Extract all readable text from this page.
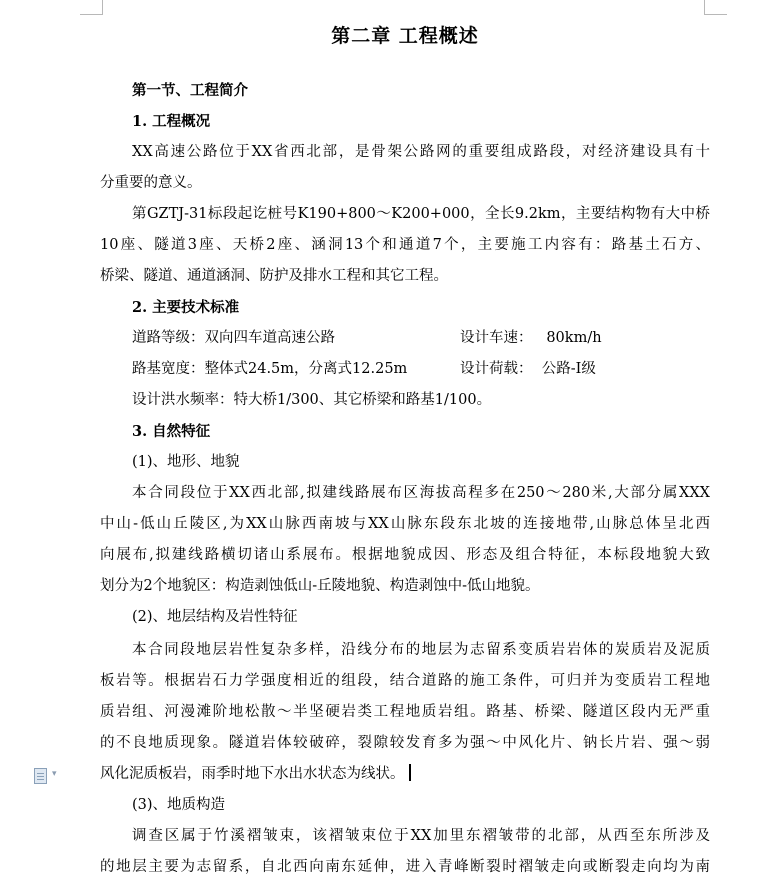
第二章 工程概述
第一节、工程简介
1. 工程概况
XX高速公路位于XX省西北部，是骨架公路网的重要组成路段，对经济建设具有十
分重要的意义。
第GZTJ-31标段起讫桩号K190+800～K200+000，全长9.2km，主要结构物有大中桥
10座、隧道3座、天桥2座、涵洞13个和通道7个，主要施工内容有：路基土石方、
桥梁、隧道、通道涵洞、防护及排水工程和其它工程。
2. 主要技术标准
道路等级：双向四车道高速公路	设计车速：   80km/h
路基宽度：整体式24.5m，分离式12.25m	设计荷载：  公路-Ⅰ级
设计洪水频率：特大桥1/300、其它桥梁和路基1/100。
3. 自然特征
(1)、地形、地貌
本合同段位于XX西北部,拟建线路展布区海拔高程多在250～280米,大部分属XXX
中山-低山丘陵区,为XX山脉西南坡与XX山脉东段东北坡的连接地带,山脉总体呈北西
向展布,拟建线路横切诸山系展布。根据地貌成因、形态及组合特征，本标段地貌大致
划分为2个地貌区：构造剥蚀低山-丘陵地貌、构造剥蚀中-低山地貌。
(2)、地层结构及岩性特征
本合同段地层岩性复杂多样，沿线分布的地层为志留系变质岩岩体的炭质岩及泥质
板岩等。根据岩石力学强度相近的组段，结合道路的施工条件，可归并为变质岩工程地
质岩组、河漫滩阶地松散～半坚硬岩类工程地质岩组。路基、桥梁、隧道区段内无严重
的不良地质现象。隧道岩体较破碎，裂隙较发育多为强～中风化片、钠长片岩、强～弱
风化泥质板岩，雨季时地下水出水状态为线状。
(3)、地质构造
调查区属于竹溪褶皱束，该褶皱束位于XX加里东褶皱带的北部，从西至东所涉及
的地层主要为志留系，自北西向南东延伸，进入青峰断裂时褶皱走向或断裂走向均为南
▾
